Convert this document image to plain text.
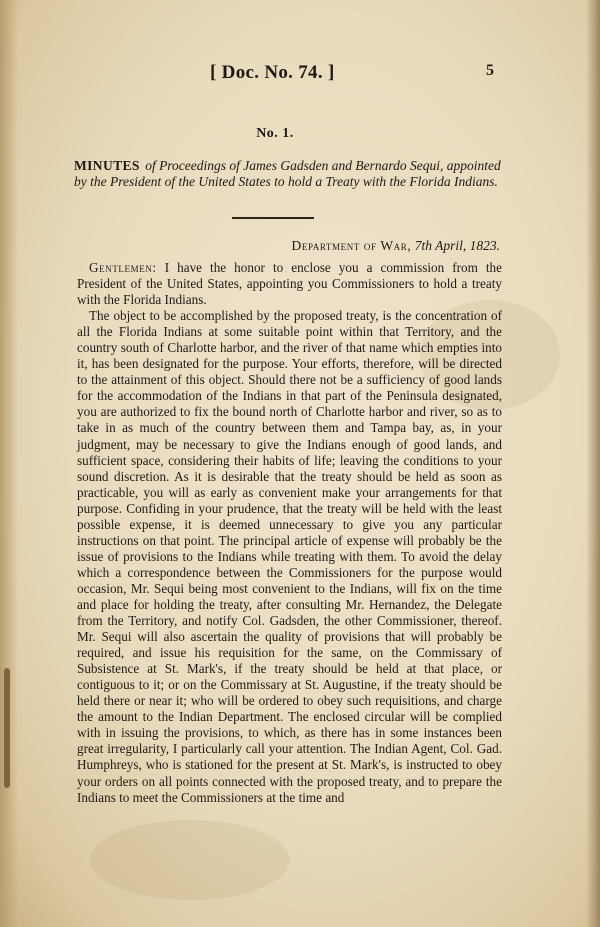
[ Doc. No. 74. ]	5
No. 1.
MINUTES of Proceedings of James Gadsden and Bernardo Sequi, appointed by the President of the United States to hold a Treaty with the Florida Indians.
Department of War, 7th April, 1823.

Gentlemen: I have the honor to enclose you a commission from the President of the United States, appointing you Commissioners to hold a treaty with the Florida Indians.

The object to be accomplished by the proposed treaty, is the concentration of all the Florida Indians at some suitable point within that Territory, and the country south of Charlotte harbor, and the river of that name which empties into it, has been designated for the purpose. Your efforts, therefore, will be directed to the attainment of this object. Should there not be a sufficiency of good lands for the accommodation of the Indians in that part of the Peninsula designated, you are authorized to fix the bound north of Charlotte harbor and river, so as to take in as much of the country between them and Tampa bay, as, in your judgment, may be necessary to give the Indians enough of good lands, and sufficient space, considering their habits of life; leaving the conditions to your sound discretion. As it is desirable that the treaty should be held as soon as practicable, you will as early as convenient make your arrangements for that purpose. Confiding in your prudence, that the treaty will be held with the least possible expense, it is deemed unnecessary to give you any particular instructions on that point. The principal article of expense will probably be the issue of provisions to the Indians while treating with them. To avoid the delay which a correspondence between the Commissioners for the purpose would occasion, Mr. Sequi being most convenient to the Indians, will fix on the time and place for holding the treaty, after consulting Mr. Hernandez, the Delegate from the Territory, and notify Col. Gadsden, the other Commissioner, thereof. Mr. Sequi will also ascertain the quality of provisions that will probably be required, and issue his requisition for the same, on the Commissary of Subsistence at St. Mark's, if the treaty should be held at that place, or contiguous to it; or on the Commissary at St. Augustine, if the treaty should be held there or near it; who will be ordered to obey such requisitions, and charge the amount to the Indian Department. The enclosed circular will be complied with in issuing the provisions, to which, as there has in some instances been great irregularity, I particularly call your attention. The Indian Agent, Col. Gad. Humphreys, who is stationed for the present at St. Mark's, is instructed to obey your orders on all points connected with the proposed treaty, and to prepare the Indians to meet the Commissioners at the time and
